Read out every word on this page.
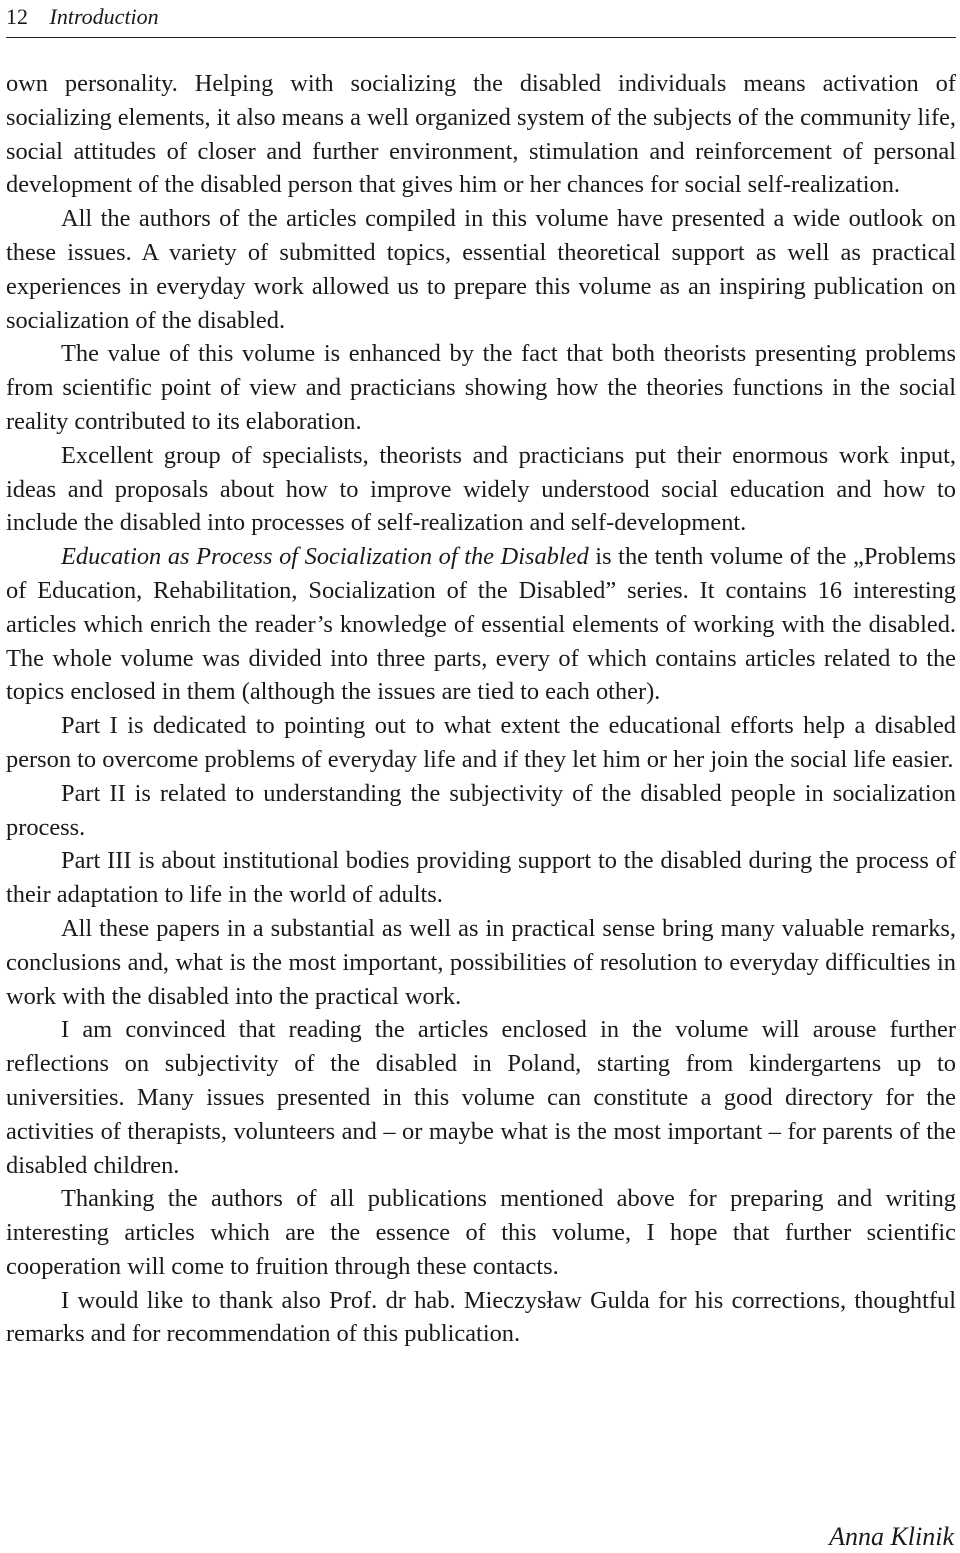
12 Introduction

own personality. Helping with socializing the disabled individuals means activation of socializing elements, it also means a well organized system of the subjects of the community life, social attitudes of closer and further environment, stimulation and reinforcement of personal development of the disabled person that gives him or her chances for social self-realization.

All the authors of the articles compiled in this volume have presented a wide outlook on these issues. A variety of submitted topics, essential theoretical support as well as practical experiences in everyday work allowed us to prepare this volume as an inspiring publication on socialization of the disabled.

The value of this volume is enhanced by the fact that both theorists presenting problems from scientific point of view and practicians showing how the theories functions in the social reality contributed to its elaboration.

Excellent group of specialists, theorists and practicians put their enormous work input, ideas and proposals about how to improve widely understood social education and how to include the disabled into processes of self-realization and self-development.

Education as Process of Socialization of the Disabled is the tenth volume of the „Problems of Education, Rehabilitation, Socialization of the Disabled” series. It contains 16 interesting articles which enrich the reader’s knowledge of essential elements of working with the disabled. The whole volume was divided into three parts, every of which contains articles related to the topics enclosed in them (although the issues are tied to each other).

Part I is dedicated to pointing out to what extent the educational efforts help a disabled person to overcome problems of everyday life and if they let him or her join the social life easier.

Part II is related to understanding the subjectivity of the disabled people in socialization process.

Part III is about institutional bodies providing support to the disabled during the process of their adaptation to life in the world of adults.

All these papers in a substantial as well as in practical sense bring many valuable remarks, conclusions and, what is the most important, possibilities of resolution to everyday difficulties in work with the disabled into the practical work.

I am convinced that reading the articles enclosed in the volume will arouse further reflections on subjectivity of the disabled in Poland, starting from kindergartens up to universities. Many issues presented in this volume can constitute a good directory for the activities of therapists, volunteers and – or maybe what is the most important – for parents of the disabled children.

Thanking the authors of all publications mentioned above for preparing and writing interesting articles which are the essence of this volume, I hope that further scientific cooperation will come to fruition through these contacts.

I would like to thank also Prof. dr hab. Mieczysław Gulda for his corrections, thoughtful remarks and for recommendation of this publication.

Anna Klinik
